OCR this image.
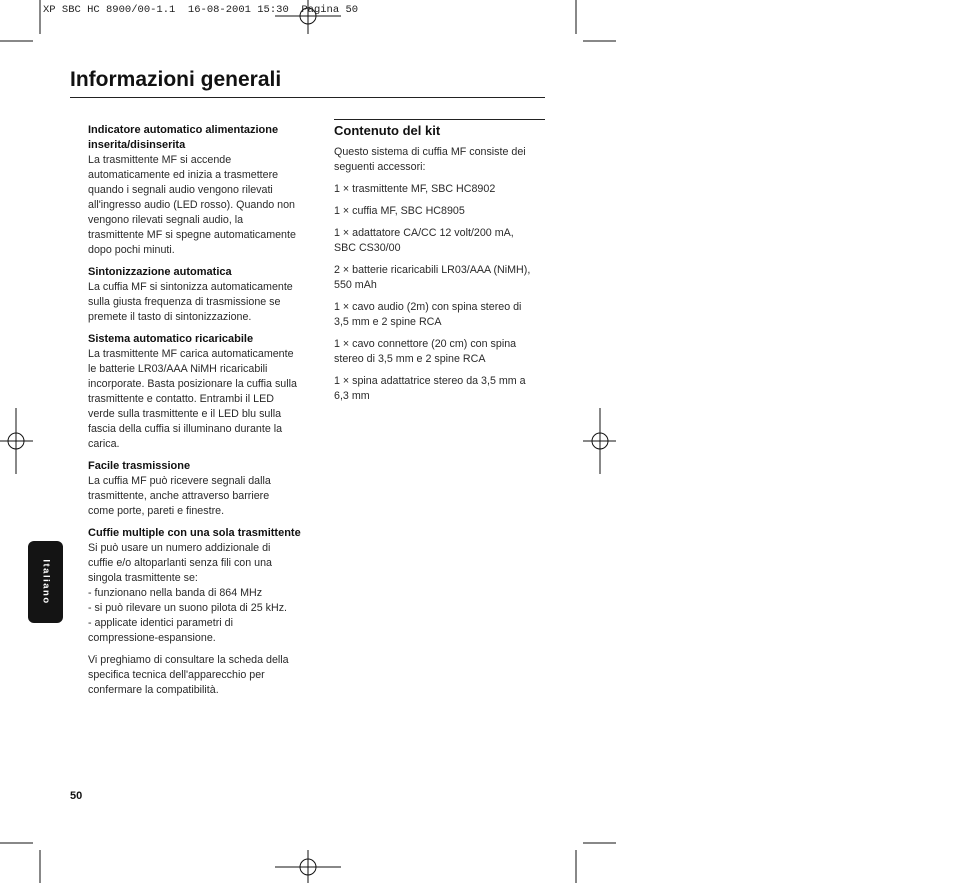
XP SBC HC 8900/00-1.1  16-08-2001 15:30  Pagina 50
Informazioni generali
Indicatore automatico alimentazione inserita/disinserita
La trasmittente MF si accende
automaticamente ed inizia a trasmettere
quando i segnali audio vengono rilevati
all'ingresso audio (LED rosso). Quando non
vengono rilevati segnali audio, la
trasmittente MF si spegne automaticamente
dopo pochi minuti.
Sintonizzazione automatica
La cuffia MF si sintonizza automaticamente
sulla giusta frequenza di trasmissione se
premete il tasto di sintonizzazione.
Sistema automatico ricaricabile
La trasmittente MF carica automaticamente
le batterie LR03/AAA NiMH ricaricabili
incorporate. Basta posizionare la cuffia sulla
trasmittente e contatto. Entrambi il LED
verde sulla trasmittente e il LED blu sulla
fascia della cuffia si illuminano durante la
carica.
Facile trasmissione
La cuffia MF può ricevere segnali dalla
trasmittente, anche attraverso barriere
come porte, pareti e finestre.
Cuffie multiple con una sola trasmittente
Si può usare un numero addizionale di
cuffie e/o altoparlanti senza fili con una
singola trasmittente se:
- funzionano nella banda di 864 MHz
- si può rilevare un suono pilota di 25 kHz.
- applicate identici parametri di
compressione-espansione.
Vi preghiamo di consultare la scheda della
specifica tecnica dell'apparecchio per
confermare la compatibilità.
Contenuto del kit
Questo sistema di cuffia MF consiste dei
seguenti accessori:
1 × trasmittente MF, SBC HC8902
1 × cuffia MF, SBC HC8905
1 × adattatore CA/CC 12 volt/200 mA,
SBC CS30/00
2 × batterie ricaricabili LR03/AAA (NiMH),
550 mAh
1 × cavo audio (2m) con spina stereo di
3,5 mm e 2 spine RCA
1 × cavo connettore (20 cm) con spina
stereo di 3,5 mm e 2 spine RCA
1 × spina adattatrice stereo da 3,5 mm a
6,3 mm
Italiano
50
